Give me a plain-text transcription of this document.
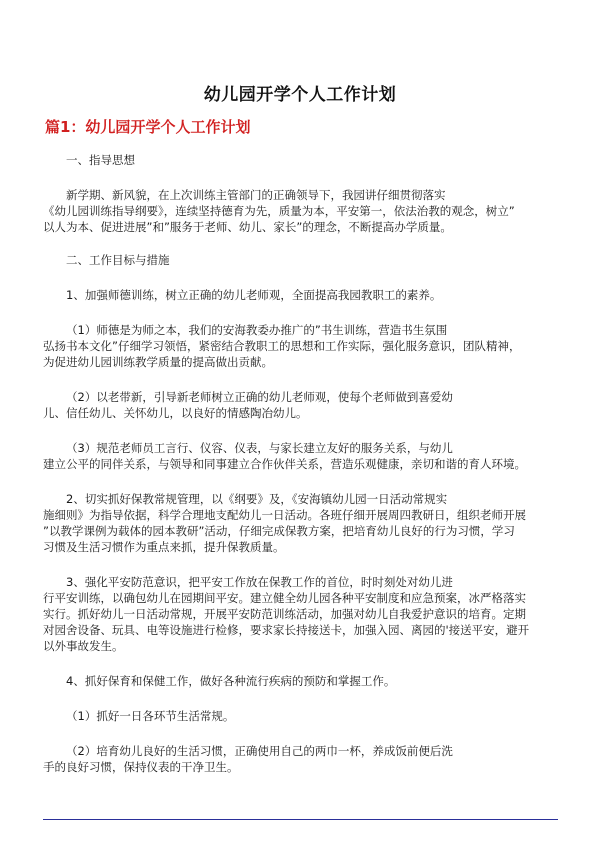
幼儿园开学个人工作计划
篇1：幼儿园开学个人工作计划

一、指导思想

新学期、新风貌，在上次训练主管部门的正确领导下，我园讲仔细贯彻落实

《幼儿园训练指导纲要》，连续坚持德育为先，质量为本，平安第一，依法治教的观念，树立”

以人为本、促进进展”和”服务于老师、幼儿、家长”的理念，不断提高办学质量。

二、工作目标与措施

1、加强师德训练，树立正确的幼儿老师观，全面提高我园教职工的素养。

（1）师德是为师之本，我们的安海教委办推广的”书生训练，营造书生氛围

弘扬书本文化”仔细学习领悟，紧密结合教职工的思想和工作实际，强化服务意识，团队精神，

为促进幼儿园训练教学质量的提高做出贡献。

（2）以老带新，引导新老师树立正确的幼儿老师观，使每个老师做到喜爱幼

儿、信任幼儿、关怀幼儿，以良好的情感陶冶幼儿。

（3）规范老师员工言行、仪容、仪表，与家长建立友好的服务关系，与幼儿

建立公平的同伴关系，与领导和同事建立合作伙伴关系，营造乐观健康，亲切和谐的育人环境。

2、切实抓好保教常规管理，以《纲要》及，《安海镇幼儿园一日活动常规实

施细则》为指导依据，科学合理地支配幼儿一日活动。各班仔细开展周四教研日，组织老师开展

”以教学课例为载体的园本教研”活动，仔细完成保教方案，把培育幼儿良好的行为习惯，学习

习惯及生活习惯作为重点来抓，提升保教质量。

3、强化平安防范意识，把平安工作放在保教工作的首位，时时刻处对幼儿进

行平安训练，以确包幼儿在园期间平安。建立健全幼儿园各种平安制度和应急预案，冰严格落实

实行。抓好幼儿一日活动常规，开展平安防范训练活动，加强对幼儿自我爱护意识的培育。定期

对园舍设备、玩具、电等设施进行检修，要求家长持接送卡，加强入园、离园的'接送平安，避开

以外事故发生。

4、抓好保育和保健工作，做好各种流行疾病的预防和掌握工作。

（1）抓好一日各环节生活常规。

（2）培育幼儿良好的生活习惯，正确使用自己的两巾一杯，养成饭前便后洗

手的良好习惯，保持仪表的干净卫生。
